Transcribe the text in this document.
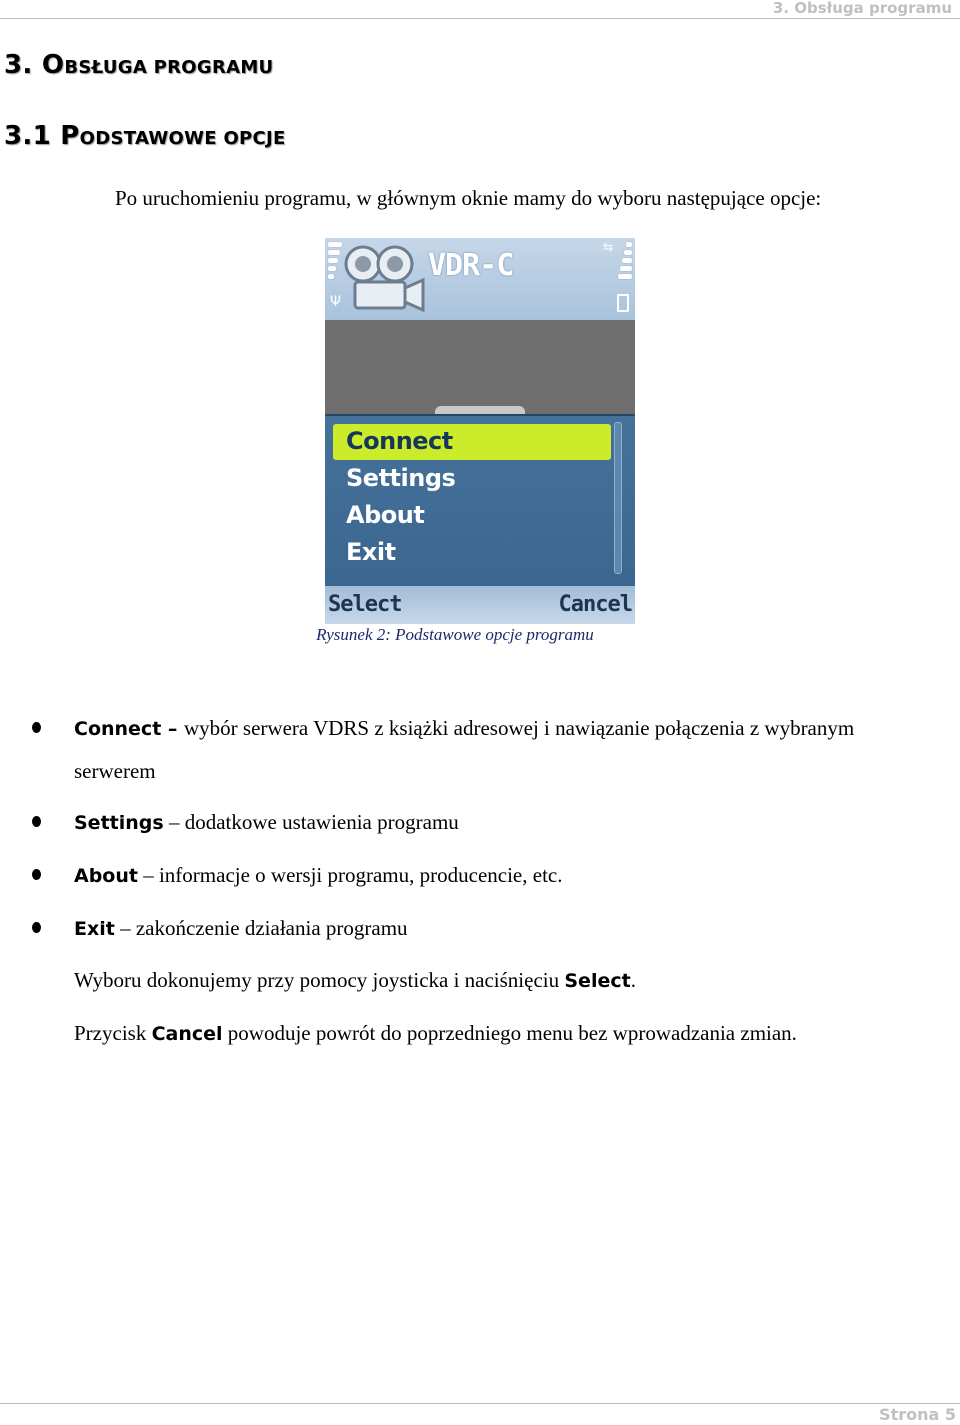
3. Obsługa programu
3. OBSŁUGA PROGRAMU
3.1 PODSTAWOWE OPCJE
Po uruchomieniu programu, w głównym oknie mamy do wyboru następujące opcje:
Ψ
VDR-C
⇆
Connect
Settings
About
Exit
Select	Cancel
Rysunek 2: Podstawowe opcje programu
Connect – wybór serwera VDRS z książki adresowej i nawiązanie połączenia z wybranym
serwerem
Settings – dodatkowe ustawienia programu
About – informacje o wersji programu, producencie, etc.
Exit – zakończenie działania programu
Wyboru dokonujemy przy pomocy joysticka i naciśnięciu Select.
Przycisk Cancel powoduje powrót do poprzedniego menu bez wprowadzania zmian.
Strona 5
